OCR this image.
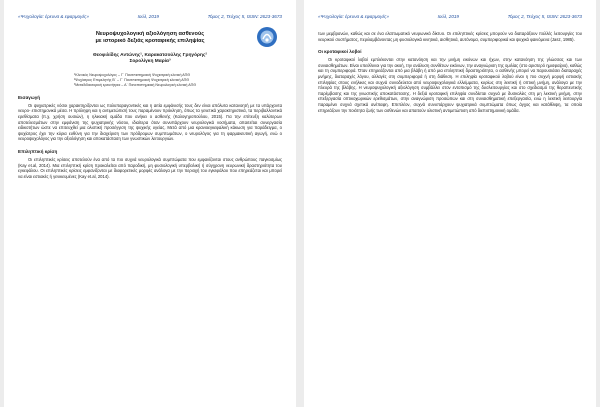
«Ψυχολογία: έρευνα & εφαρμογές»	Ιούλ, 2019	Τόμος 2, Τεύχος 5, ISSN: 2623-3673
Νευροψυχολογική αξιολόγηση ασθενούς
με ιστορικό δεξιάς κροταφικής επιληψίας
Θεοφιλίδης Αντώνης¹, Καρακατσούλης Γρηγόρης²
Σορολίγκη Μαρία³
¹Κλινικός Νευροψυχολόγος – Γ΄ Πανεπιστημιακή Ψυχιατρική κλινική ΑΠΘ
²Ψυχίατρος Επιμελητής Β΄ – Γ΄ Πανεπιστημιακή Ψυχιατρική κλινική ΑΠΘ
³Μεταδιδακτορική ερευνήτρια – Α΄ Πανεπιστημιακή Νευρολογική κλινική ΑΠΘ
Εισαγωγή

Οι ψυχιατρικές νόσοι χαρακτηρίζονται ως πολυπαραγοντικές και η αιτία εμφάνισής τους δεν είναι απόλυτα κατανοητή με τα υπάρχοντα νευρο- επιστημονικά μέσα. Η πρόληψη και η αντιμετώπισή τους παραμένουν πρόκληση, όπως τα γενετικά χαρακτηριστικά, τα περιβαλλοντικά ερεθίσματα (π.χ. χρήση ουσιών), η ηλικιακή ομάδα που ανήκει ο ασθενής (Καλογηροπούλου, 2015). Για την επίτευξη καλύτερων αποτελεσμάτων στην εμφάνιση της ψυχιατρικής νόσου, ιδιαίτερα όταν συνυπάρχουν νευρολογικά νοσήματα, απαιτείται συνεργασία ειδικοτήτων ώστε να επιτευχθεί μια ολιστική προσέγγιση της ψυχικής υγείας. Μετά από μια κρανιοεγκεφαλική κάκωση για παράδειγμα, ο ψυχίατρος έχει την κύρια ευθύνη για την διαχείριση των πρόδρομων συμπτωμάτων, ο νευρολόγος για τη φαρμακευτική αγωγή, ενώ ο νευροψυχολόγος για την αξιολόγηση και αποκατάσταση των γνωστικών λειτουργιών.

Επιληπτική κρίση

Οι επιληπτικές κρίσεις αποτελούν ένα από τα πιο συχνά νευρολογικά συμπτώματα που εμφανίζονται στους ανθρώπους παγκοσμίως (Kay et.al, 2014). Μια επιληπτική κρίση προκαλείται από παροδική, μη φυσιολογική υπερβολική ή σύγχρονη νευρωνική δραστηριότητα του εγκεφάλου. Οι επιληπτικές κρίσεις εμφανίζονται με διαφορετικές μορφές ανάλογα με την περιοχή του εγκεφάλου που επηρεάζεται και μπορεί να είναι εστιακές ή γενικευμένες (Kay et.al, 2014).

«Ψυχολογία: έρευνα & εφαρμογές»	Ιούλ, 2019	Τόμος 2, Τεύχος 5, ISSN: 2623-3673

των μεμβρανών, καθώς και σε ένα ελαττωματικό νευρωνικό δίκτυο. Οι επιληπτικές κρίσεις μπορούν να διαταράξουν πολλές λειτουργίες του νευρικού συστήματος, περιλαμβάνοντας μη φυσιολογικά κινητικά, αισθητικά, αυτόνομα, συμπεριφορικά και ψυχικά φαινόμενα (Jasz, 1985).

Οι κροταφικοί λοβοί

Οι κροταφικοί λοβοί εμπλέκονται στην κατανόηση και την μνήμη εικόνων και ήχων, στην κατανόηση της γλώσσας και των συναισθημάτων. Είναι υπεύθυνοι για την ακοή, την ανάλυση συνθέτων εικόνων, την αναγνώριση της ομιλίας (στο αριστερό ημισφαίριο), καθώς και τη συμπεριφορά. Όταν επηρεάζονται από μια βλάβη ή από μια επιληπτική δραστηριότητα, ο ασθενής μπορεί να παρουσιάσει διαταραχές μνήμης, διαταραχές λόγου, αλλαγές στη συμπεριφορά ή στη διάθεση. Η επιληψία κροταφικού λοβού είναι η πιο συχνή μορφή εστιακής επιληψίας στους ενήλικες και συχνά συνοδεύεται από νευροψυχολογικά ελλείμματα, κυρίως στη λεκτική ή οπτική μνήμη, ανάλογα με την πλευρά της βλάβης. Η νευροψυχολογική αξιολόγηση συμβάλλει στον εντοπισμό της δυσλειτουργίας και στο σχεδιασμό της θεραπευτικής παρέμβασης και της γνωστικής αποκατάστασης. Η δεξιά κροταφική επιληψία συνδέεται συχνά με δυσκολίες στη μη λεκτική μνήμη, στην επεξεργασία οπτικοχωρικών ερεθισμάτων, στην αναγνώριση προσώπων και στη συναισθηματική επεξεργασία, ενώ η λεκτική λειτουργία παραμένει συχνά σχετικά ανέπαφη. Επιπλέον, συχνά συνυπάρχουν ψυχιατρικά συμπτώματα όπως άγχος και κατάθλιψη, τα οποία επηρεάζουν την ποιότητα ζωής των ασθενών και απαιτούν ολιστική αντιμετώπιση από διεπιστημονική ομάδα.
